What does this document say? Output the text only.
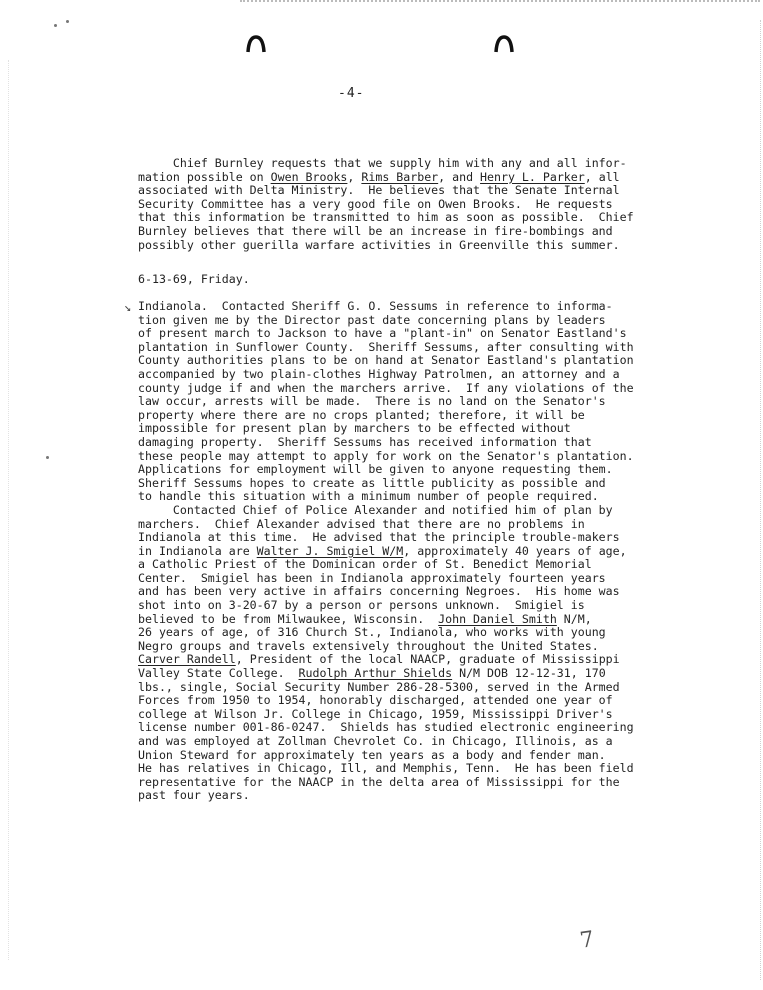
-4-
Chief Burnley requests that we supply him with any and all infor-
mation possible on Owen Brooks, Rims Barber, and Henry L. Parker, all
associated with Delta Ministry.  He believes that the Senate Internal
Security Committee has a very good file on Owen Brooks.  He requests
that this information be transmitted to him as soon as possible.  Chief
Burnley believes that there will be an increase in fire-bombings and
possibly other guerilla warfare activities in Greenville this summer.
6-13-69, Friday.
↘ Indianola.  Contacted Sheriff G. O. Sessums in reference to informa-
tion given me by the Director past date concerning plans by leaders
of present march to Jackson to have a "plant-in" on Senator Eastland's
plantation in Sunflower County.  Sheriff Sessums, after consulting with
County authorities plans to be on hand at Senator Eastland's plantation
accompanied by two plain-clothes Highway Patrolmen, an attorney and a
county judge if and when the marchers arrive.  If any violations of the
law occur, arrests will be made.  There is no land on the Senator's
property where there are no crops planted; therefore, it will be
impossible for present plan by marchers to be effected without
damaging property.  Sheriff Sessums has received information that
these people may attempt to apply for work on the Senator's plantation.
Applications for employment will be given to anyone requesting them.
Sheriff Sessums hopes to create as little publicity as possible and
to handle this situation with a minimum number of people required.
Contacted Chief of Police Alexander and notified him of plan by
marchers.  Chief Alexander advised that there are no problems in
Indianola at this time.  He advised that the principle trouble-makers
in Indianola are Walter J. Smigiel W/M, approximately 40 years of age,
a Catholic Priest of the Dominican order of St. Benedict Memorial
Center.  Smigiel has been in Indianola approximately fourteen years
and has been very active in affairs concerning Negroes.  His home was
shot into on 3-20-67 by a person or persons unknown.  Smigiel is
believed to be from Milwaukee, Wisconsin.  John Daniel Smith N/M,
26 years of age, of 316 Church St., Indianola, who works with young
Negro groups and travels extensively throughout the United States.
Carver Randell, President of the local NAACP, graduate of Mississippi
Valley State College.  Rudolph Arthur Shields N/M DOB 12-12-31, 170
lbs., single, Social Security Number 286-28-5300, served in the Armed
Forces from 1950 to 1954, honorably discharged, attended one year of
college at Wilson Jr. College in Chicago, 1959, Mississippi Driver's
license number 001-86-0247.  Shields has studied electronic engineering
and was employed at Zollman Chevrolet Co. in Chicago, Illinois, as a
Union Steward for approximately ten years as a body and fender man.
He has relatives in Chicago, Ill, and Memphis, Tenn.  He has been field
representative for the NAACP in the delta area of Mississippi for the
past four years.
7
